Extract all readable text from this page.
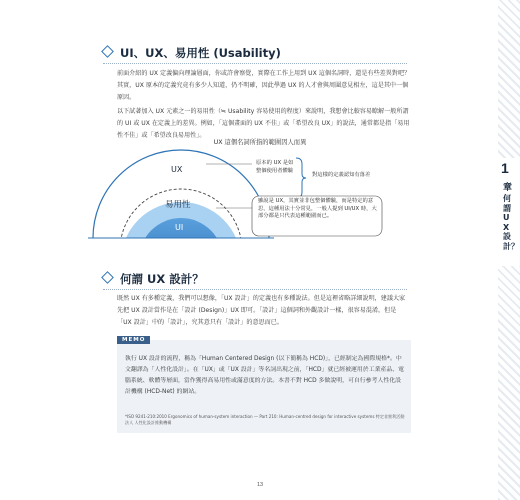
1
章
何謂UX設計？
UI、UX、易用性 (Usability)

前面介紹的 UX 定義偏向理論層面，你或許會察覺，實際在工作上用到 UX 這個名詞時，還是有些差異對吧？其實，UX 原本的定義究竟有多少人知道，仍不明確，因此學過 UX 的人才會與周圍意見相左，這是其中一個原因。

以下試著加入 UX 元素之一的易用性（≒ Usability 容易使用的程度）來說明，我想會比較容易瞭解一般所謂的 UI 或 UX 在定義上的差異。例如，「這個畫面的 UX 不佳」或「希望改良 UX」的說法，通常都是指「易用性不佳」或「希望改良易用性」。

UX 這個名詞所指的範圍因人而異
UX
易用性
UI
原本的 UX 是如整個使用者體驗
對這樣的定義認知有落差
雖說是 UX，其實並非包整個體驗，而是特定的意思，這種用法十分常見，一般人提到 UI/UX 時，大部分都是只代表這種範圍而已。
何謂 UX 設計？

既然 UX 有多種定義，我們可以想像，「UX 設計」的定義也有多種說法。但是這裡省略詳細說明，建議大家先把 UX 設計當作是在「設計 (Design)」UX 即可。「設計」這個詞和外觀設計一樣，很容易混淆，但是「UX 設計」中的「設計」，究其意只有「設計」的意思而已。

MEMO
執行 UX 設計的流程，稱為「Human Centered Design (以下簡稱為 HCD)」，已經制定為國際規格*。中文翻譯為「人性化設計」。在「UX」或「UX 設計」等名詞出現之前，「HCD」就已經被運用於工業產品、電腦系統、軟體等層面，當作獲得高易用性或滿意度的方法。本書不對 HCD 多做說明，可自行參考人性化設計機構 (HCD-Net) 的網站。
*ISO 9241-210:2010 Ergonomics of human-system interaction — Part 210: Human-centred design for interactive systems 特定非營利活動法人 人性化設計推動機構
13
